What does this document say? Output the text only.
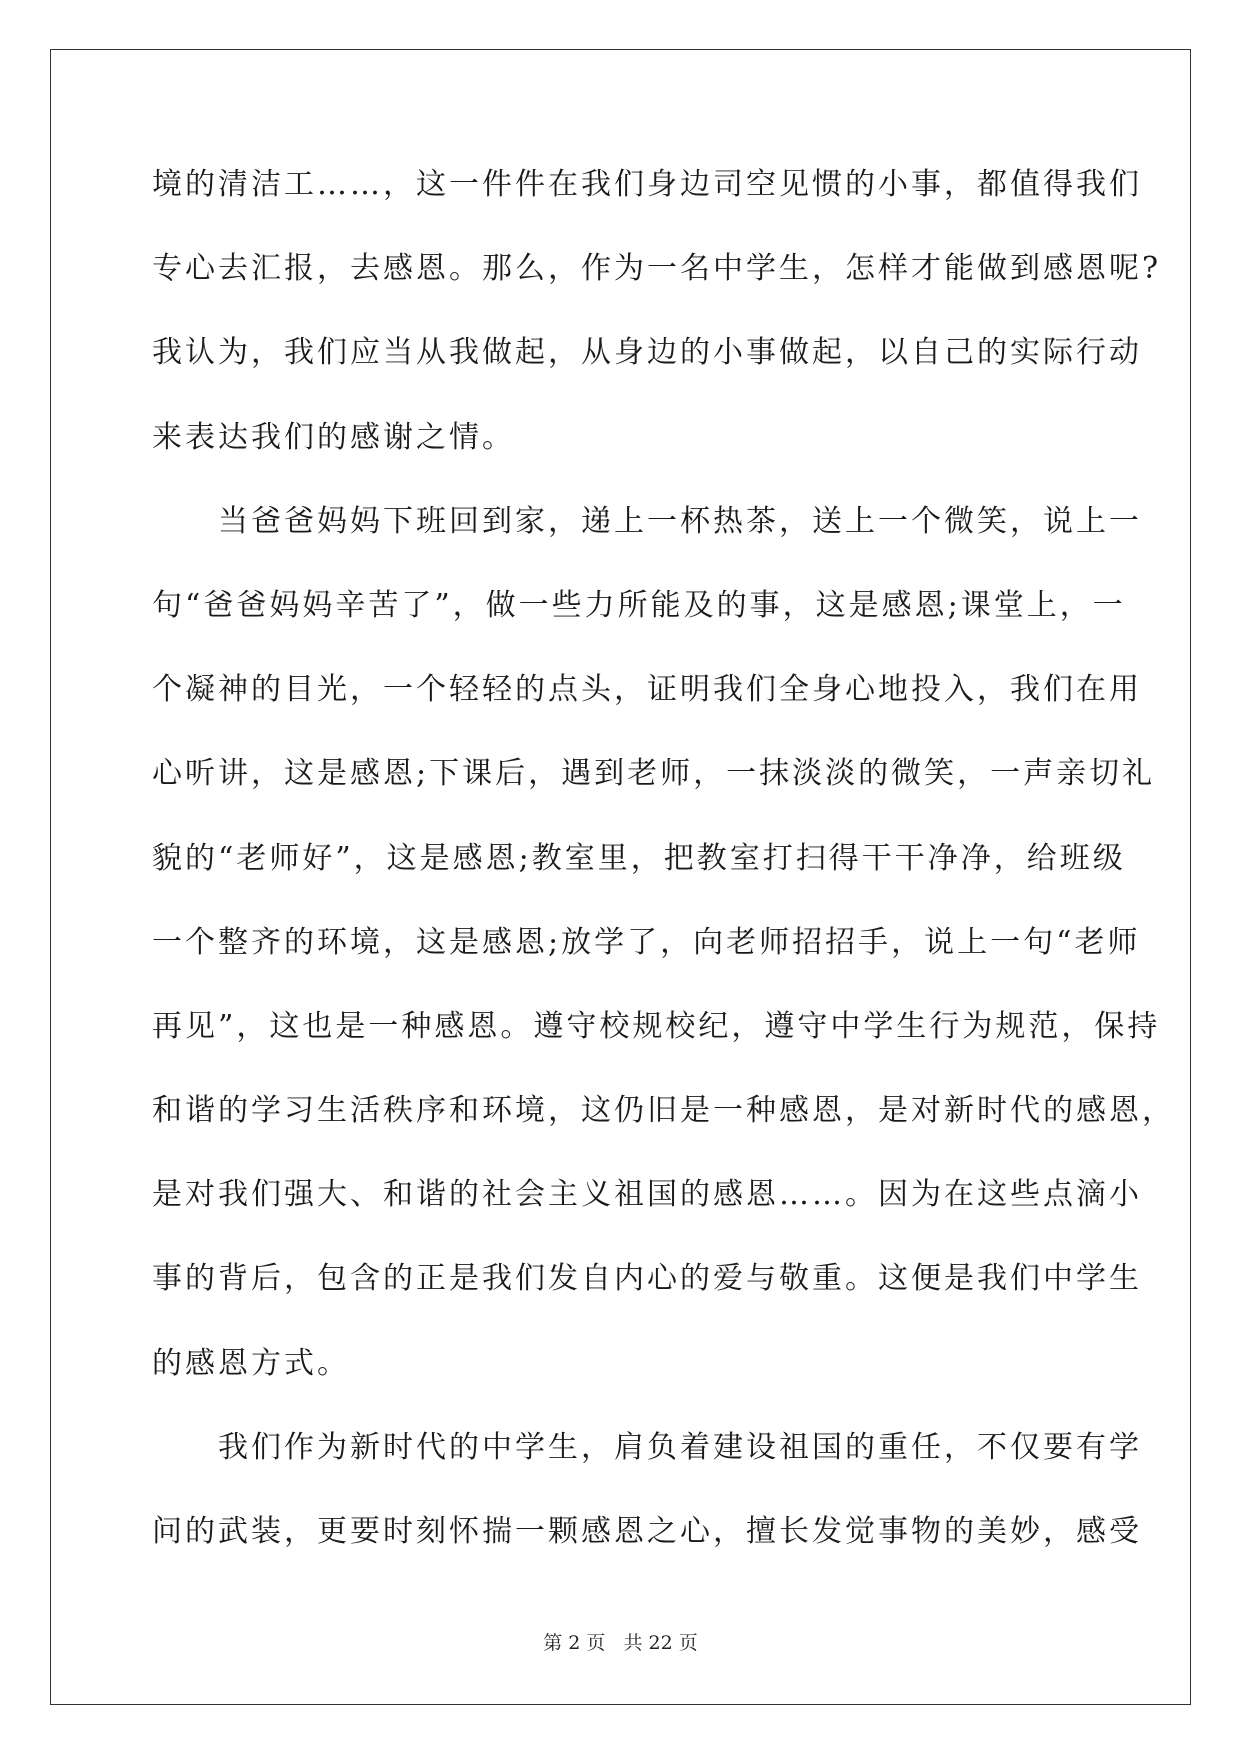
境的清洁工……，这一件件在我们身边司空见惯的小事，都值得我们
专心去汇报，去感恩。那么，作为一名中学生，怎样才能做到感恩呢?
我认为，我们应当从我做起，从身边的小事做起，以自己的实际行动
来表达我们的感谢之情。
　　当爸爸妈妈下班回到家，递上一杯热茶，送上一个微笑，说上一
句“爸爸妈妈辛苦了”，做一些力所能及的事，这是感恩;课堂上，一
个凝神的目光，一个轻轻的点头，证明我们全身心地投入，我们在用
心听讲，这是感恩;下课后，遇到老师，一抹淡淡的微笑，一声亲切礼
貌的“老师好”，这是感恩;教室里，把教室打扫得干干净净，给班级
一个整齐的环境，这是感恩;放学了，向老师招招手，说上一句“老师
再见”，这也是一种感恩。遵守校规校纪，遵守中学生行为规范，保持
和谐的学习生活秩序和环境，这仍旧是一种感恩，是对新时代的感恩，
是对我们强大、和谐的社会主义祖国的感恩……。因为在这些点滴小
事的背后，包含的正是我们发自内心的爱与敬重。这便是我们中学生
的感恩方式。
　　我们作为新时代的中学生，肩负着建设祖国的重任，不仅要有学
问的武装，更要时刻怀揣一颗感恩之心，擅长发觉事物的美妙，感受
第 2 页 共 22 页
